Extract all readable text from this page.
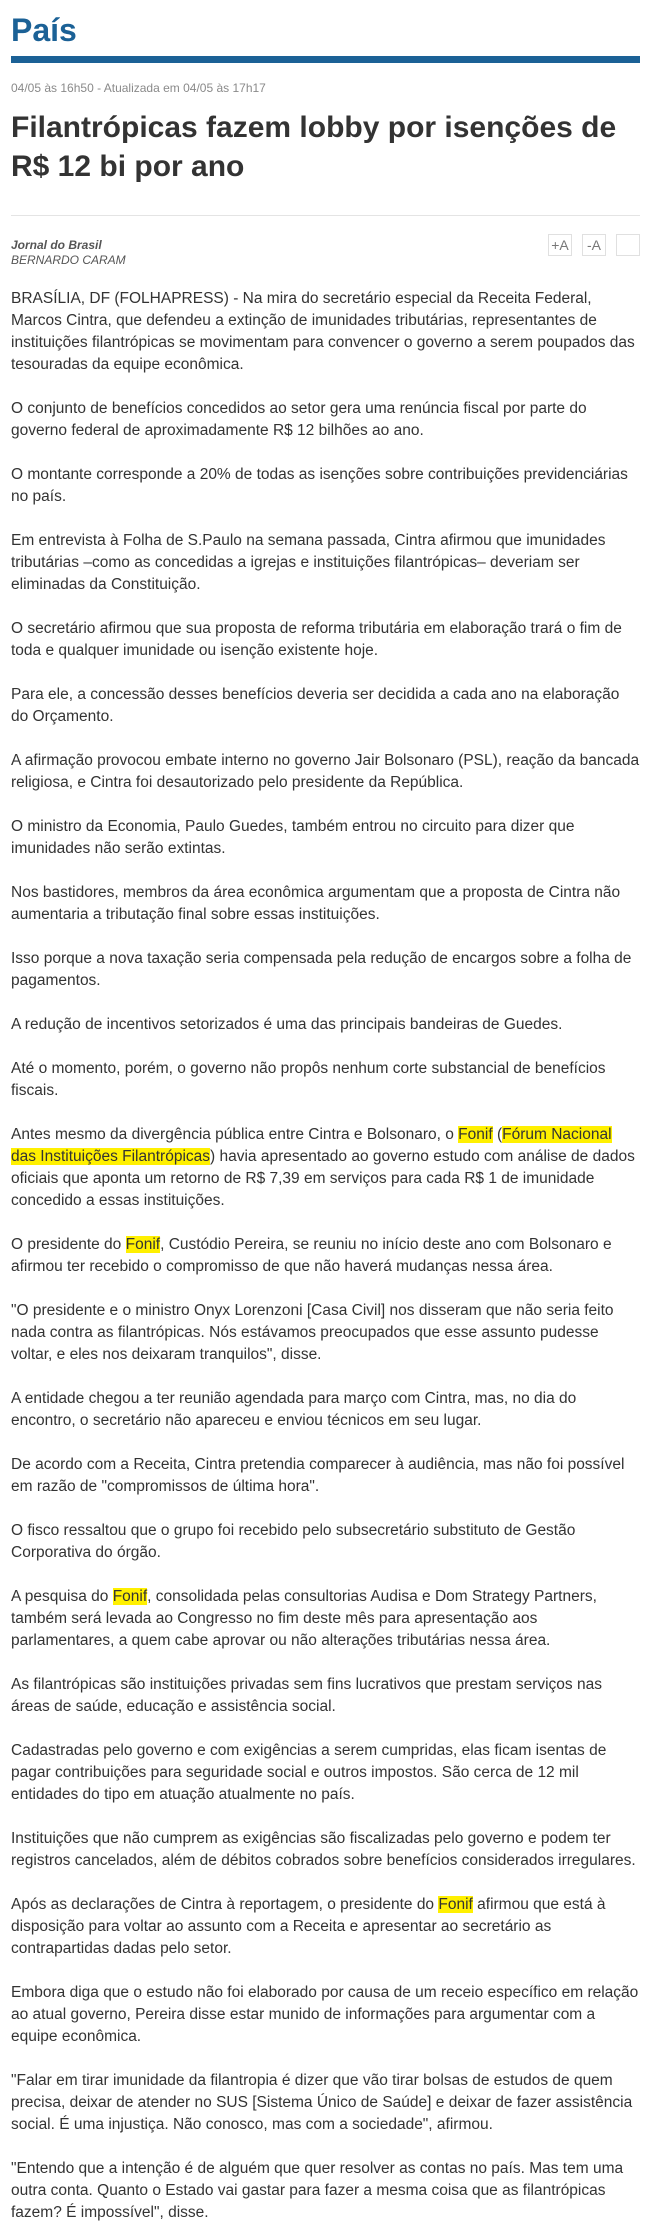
País
04/05 às 16h50 - Atualizada em 04/05 às 17h17
Filantrópicas fazem lobby por isenções de R$ 12 bi por ano
Jornal do Brasil
BERNARDO CARAM
+A	-A

BRASÍLIA, DF (FOLHAPRESS) - Na mira do secretário especial da Receita Federal, Marcos Cintra, que defendeu a extinção de imunidades tributárias, representantes de instituições filantrópicas se movimentam para convencer o governo a serem poupados das tesouradas da equipe econômica.

O conjunto de benefícios concedidos ao setor gera uma renúncia fiscal por parte do governo federal de aproximadamente R$ 12 bilhões ao ano.

O montante corresponde a 20% de todas as isenções sobre contribuições previdenciárias no país.

Em entrevista à Folha de S.Paulo na semana passada, Cintra afirmou que imunidades tributárias –como as concedidas a igrejas e instituições filantrópicas– deveriam ser eliminadas da Constituição.

O secretário afirmou que sua proposta de reforma tributária em elaboração trará o fim de toda e qualquer imunidade ou isenção existente hoje.

Para ele, a concessão desses benefícios deveria ser decidida a cada ano na elaboração do Orçamento.

A afirmação provocou embate interno no governo Jair Bolsonaro (PSL), reação da bancada religiosa, e Cintra foi desautorizado pelo presidente da República.

O ministro da Economia, Paulo Guedes, também entrou no circuito para dizer que imunidades não serão extintas.

Nos bastidores, membros da área econômica argumentam que a proposta de Cintra não aumentaria a tributação final sobre essas instituições.

Isso porque a nova taxação seria compensada pela redução de encargos sobre a folha de pagamentos.

A redução de incentivos setorizados é uma das principais bandeiras de Guedes.

Até o momento, porém, o governo não propôs nenhum corte substancial de benefícios fiscais.

Antes mesmo da divergência pública entre Cintra e Bolsonaro, o Fonif (Fórum Nacional das Instituições Filantrópicas) havia apresentado ao governo estudo com análise de dados oficiais que aponta um retorno de R$ 7,39 em serviços para cada R$ 1 de imunidade concedido a essas instituições.

O presidente do Fonif, Custódio Pereira, se reuniu no início deste ano com Bolsonaro e afirmou ter recebido o compromisso de que não haverá mudanças nessa área.

"O presidente e o ministro Onyx Lorenzoni [Casa Civil] nos disseram que não seria feito nada contra as filantrópicas. Nós estávamos preocupados que esse assunto pudesse voltar, e eles nos deixaram tranquilos", disse.

A entidade chegou a ter reunião agendada para março com Cintra, mas, no dia do encontro, o secretário não apareceu e enviou técnicos em seu lugar.

De acordo com a Receita, Cintra pretendia comparecer à audiência, mas não foi possível em razão de "compromissos de última hora".

O fisco ressaltou que o grupo foi recebido pelo subsecretário substituto de Gestão Corporativa do órgão.

A pesquisa do Fonif, consolidada pelas consultorias Audisa e Dom Strategy Partners, também será levada ao Congresso no fim deste mês para apresentação aos parlamentares, a quem cabe aprovar ou não alterações tributárias nessa área.

As filantrópicas são instituições privadas sem fins lucrativos que prestam serviços nas áreas de saúde, educação e assistência social.

Cadastradas pelo governo e com exigências a serem cumpridas, elas ficam isentas de pagar contribuições para seguridade social e outros impostos. São cerca de 12 mil entidades do tipo em atuação atualmente no país.

Instituições que não cumprem as exigências são fiscalizadas pelo governo e podem ter registros cancelados, além de débitos cobrados sobre benefícios considerados irregulares.

Após as declarações de Cintra à reportagem, o presidente do Fonif afirmou que está à disposição para voltar ao assunto com a Receita e apresentar ao secretário as contrapartidas dadas pelo setor.

Embora diga que o estudo não foi elaborado por causa de um receio específico em relação ao atual governo, Pereira disse estar munido de informações para argumentar com a equipe econômica.

"Falar em tirar imunidade da filantropia é dizer que vão tirar bolsas de estudos de quem precisa, deixar de atender no SUS [Sistema Único de Saúde] e deixar de fazer assistência social. É uma injustiça. Não conosco, mas com a sociedade", afirmou.

"Entendo que a intenção é de alguém que quer resolver as contas no país. Mas tem uma outra conta. Quanto o Estado vai gastar para fazer a mesma coisa que as filantrópicas fazem? É impossível", disse.
